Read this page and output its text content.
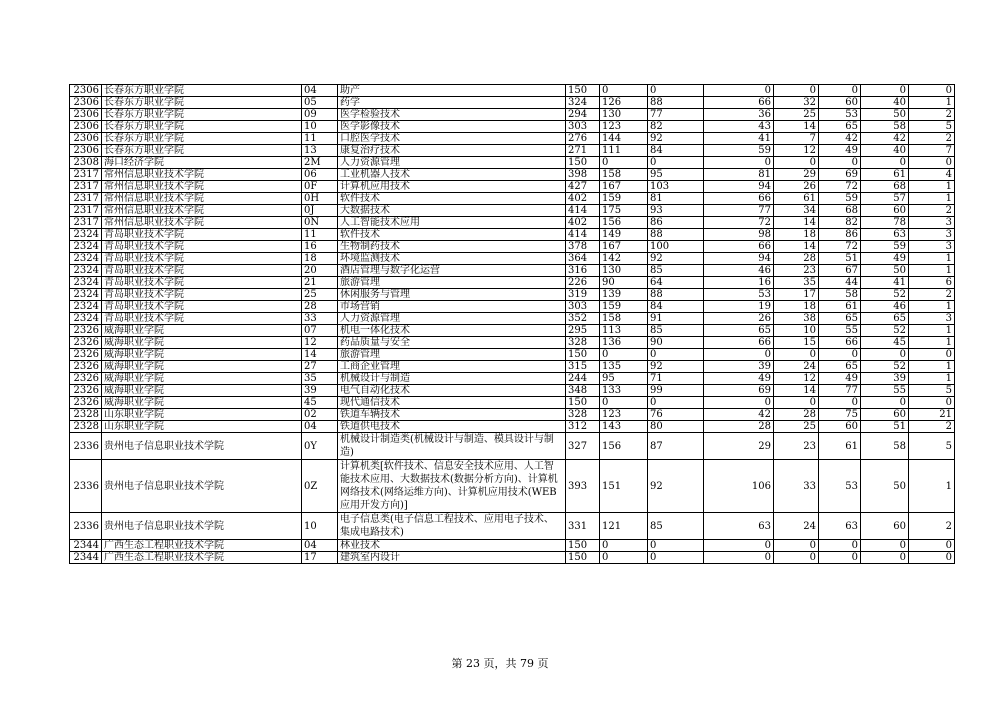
2306	长春东方职业学院	04	助产	150	0	0	0	0	0	0	0
2306	长春东方职业学院	05	药学	324	126	88	66	32	60	40	1
2306	长春东方职业学院	09	医学检验技术	294	130	77	36	25	53	50	2
2306	长春东方职业学院	10	医学影像技术	303	123	82	43	14	65	58	5
2306	长春东方职业学院	11	口腔医学技术	276	144	92	41	7	42	42	2
2306	长春东方职业学院	13	康复治疗技术	271	111	84	59	12	49	40	7
2308	海口经济学院	2M	人力资源管理	150	0	0	0	0	0	0	0
2317	常州信息职业技术学院	06	工业机器人技术	398	158	95	81	29	69	61	4
2317	常州信息职业技术学院	0F	计算机应用技术	427	167	103	94	26	72	68	1
2317	常州信息职业技术学院	0H	软件技术	402	159	81	66	61	59	57	1
2317	常州信息职业技术学院	0J	大数据技术	414	175	93	77	34	68	60	2
2317	常州信息职业技术学院	0N	人工智能技术应用	402	156	86	72	14	82	78	3
2324	青岛职业技术学院	11	软件技术	414	149	88	98	18	86	63	3
2324	青岛职业技术学院	16	生物制药技术	378	167	100	66	14	72	59	3
2324	青岛职业技术学院	18	环境监测技术	364	142	92	94	28	51	49	1
2324	青岛职业技术学院	20	酒店管理与数字化运营	316	130	85	46	23	67	50	1
2324	青岛职业技术学院	21	旅游管理	226	90	64	16	35	44	41	6
2324	青岛职业技术学院	25	休闲服务与管理	319	139	88	53	17	58	52	2
2324	青岛职业技术学院	28	市场营销	303	159	84	19	18	61	46	1
2324	青岛职业技术学院	33	人力资源管理	352	158	91	26	38	65	65	3
2326	威海职业学院	07	机电一体化技术	295	113	85	65	10	55	52	1
2326	威海职业学院	12	药品质量与安全	328	136	90	66	15	66	45	1
2326	威海职业学院	14	旅游管理	150	0	0	0	0	0	0	0
2326	威海职业学院	27	工商企业管理	315	135	92	39	24	65	52	1
2326	威海职业学院	35	机械设计与制造	244	95	71	49	12	49	39	1
2326	威海职业学院	39	电气自动化技术	348	133	99	69	14	77	55	5
2326	威海职业学院	45	现代通信技术	150	0	0	0	0	0	0	0
2328	山东职业学院	02	铁道车辆技术	328	123	76	42	28	75	60	21
2328	山东职业学院	04	铁道供电技术	312	143	80	28	25	60	51	2
2336	贵州电子信息职业技术学院	0Y	机械设计制造类(机械设计与制造、模具设计与制造)	327	156	87	29	23	61	58	5
2336	贵州电子信息职业技术学院	0Z	计算机类[软件技术、信息安全技术应用、人工智能技术应用、大数据技术(数据分析方向)、计算机网络技术(网络运维方向)、计算机应用技术(WEB应用开发方向)]	393	151	92	106	33	53	50	1
2336	贵州电子信息职业技术学院	10	电子信息类(电子信息工程技术、应用电子技术、集成电路技术)	331	121	85	63	24	63	60	2
2344	广西生态工程职业技术学院	04	林业技术	150	0	0	0	0	0	0	0
2344	广西生态工程职业技术学院	17	建筑室内设计	150	0	0	0	0	0	0	0
第 23 页，共 79 页
